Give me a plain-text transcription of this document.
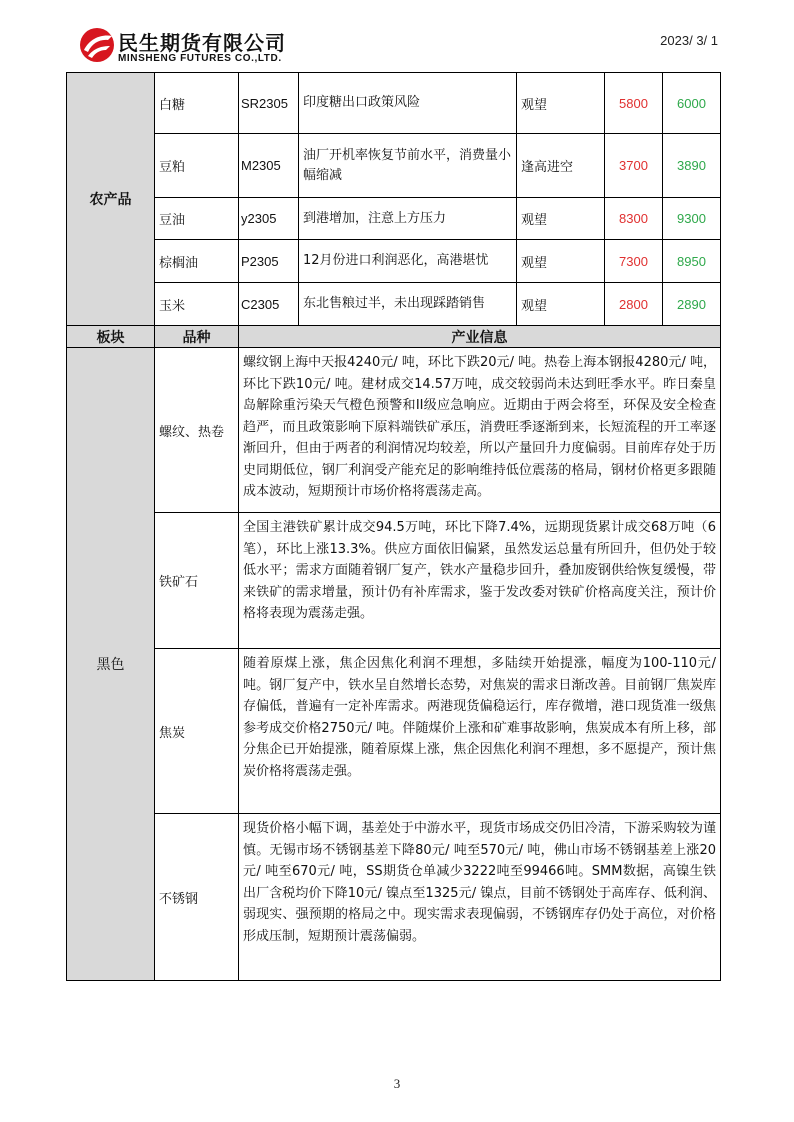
民生期货有限公司
MINSHENG FUTURES CO.,LTD.
2023/ 3/ 1
农产品	白糖	SR2305	印度糖出口政策风险	观望	5800	6000
	豆粕	M2305	油厂开机率恢复节前水平，消费量小幅缩减	逢高进空	3700	3890
	豆油	y2305	到港增加，注意上方压力	观望	8300	9300
	棕榈油	P2305	12月份进口利润恶化，高港堪忧	观望	7300	8950
	玉米	C2305	东北售粮过半，未出现踩踏销售	观望	2800	2890
板块	品种	产业信息				
黑色	螺纹、热卷	螺纹钢上海中天报4240元/ 吨，环比下跌20元/ 吨。热卷上海本钢报4280元/ 吨，环比下跌10元/ 吨。建材成交14.57万吨，成交较弱尚未达到旺季水平。昨日秦皇岛解除重污染天气橙色预警和II级应急响应。近期由于两会将至，环保及安全检查趋严，而且政策影响下原料端铁矿承压，消费旺季逐渐到来，长短流程的开工率逐渐回升，但由于两者的利润情况均较差，所以产量回升力度偏弱。目前库存处于历史同期低位，钢厂利润受产能充足的影响维持低位震荡的格局，钢材价格更多跟随成本波动，短期预计市场价格将震荡走高。				
	铁矿石	全国主港铁矿累计成交94.5万吨，环比下降7.4%，远期现货累计成交68万吨（6笔），环比上涨13.3%。供应方面依旧偏紧，虽然发运总量有所回升，但仍处于较低水平；需求方面随着钢厂复产，铁水产量稳步回升，叠加废钢供给恢复缓慢，带来铁矿的需求增量，预计仍有补库需求，鉴于发改委对铁矿价格高度关注，预计价格将表现为震荡走强。				
	焦炭	随着原煤上涨，焦企因焦化利润不理想，多陆续开始提涨，幅度为100-110元/ 吨。钢厂复产中，铁水呈自然增长态势，对焦炭的需求日渐改善。目前钢厂焦炭库存偏低，普遍有一定补库需求。两港现货偏稳运行，库存微增，港口现货准一级焦参考成交价格2750元/ 吨。伴随煤价上涨和矿难事故影响，焦炭成本有所上移，部分焦企已开始提涨，随着原煤上涨，焦企因焦化利润不理想，多不愿提产，预计焦炭价格将震荡走强。				
	不锈钢	现货价格小幅下调，基差处于中游水平，现货市场成交仍旧冷清，下游采购较为谨慎。无锡市场不锈钢基差下降80元/ 吨至570元/ 吨，佛山市场不锈钢基差上涨20元/ 吨至670元/ 吨，SS期货仓单减少3222吨至99466吨。SMM数据，高镍生铁出厂含税均价下降10元/ 镍点至1325元/ 镍点，目前不锈钢处于高库存、低利润、弱现实、强预期的格局之中。现实需求表现偏弱，不锈钢库存仍处于高位，对价格形成压制，短期预计震荡偏弱。				
3
